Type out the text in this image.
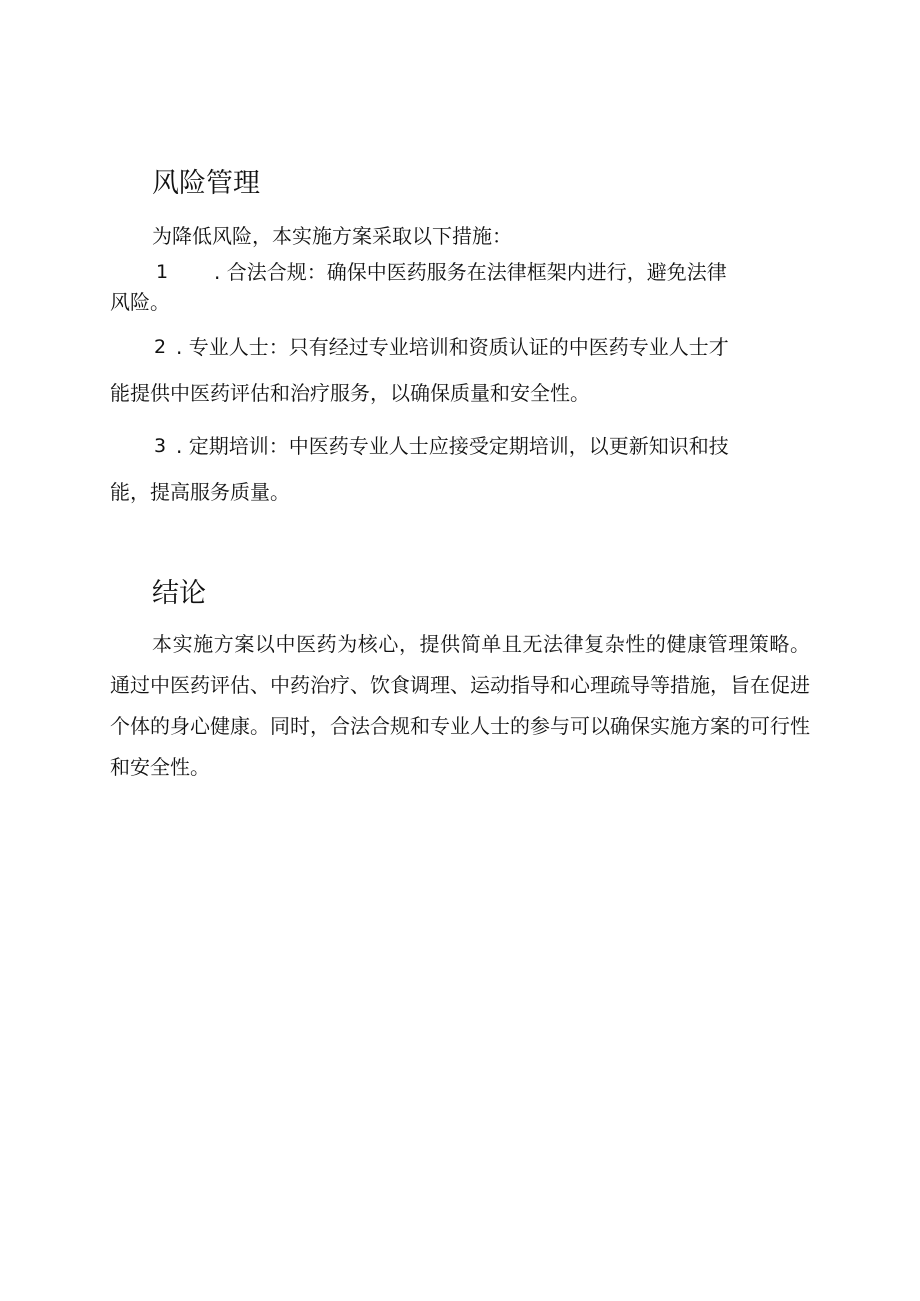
风险管理

为降低风险，本实施方案采取以下措施：

1 . 合法合规：确保中医药服务在法律框架内进行，避免法律

风险。

2 . 专业人士：只有经过专业培训和资质认证的中医药专业人士才

能提供中医药评估和治疗服务，以确保质量和安全性。

3 . 定期培训：中医药专业人士应接受定期培训，以更新知识和技

能，提高服务质量。

结论

本实施方案以中医药为核心，提供简单且无法律复杂性的健康管理策略。通过中医药评估、中药治疗、饮食调理、运动指导和心理疏导等措施，旨在促进个体的身心健康。同时，合法合规和专业人士的参与可以确保实施方案的可行性和安全性。
